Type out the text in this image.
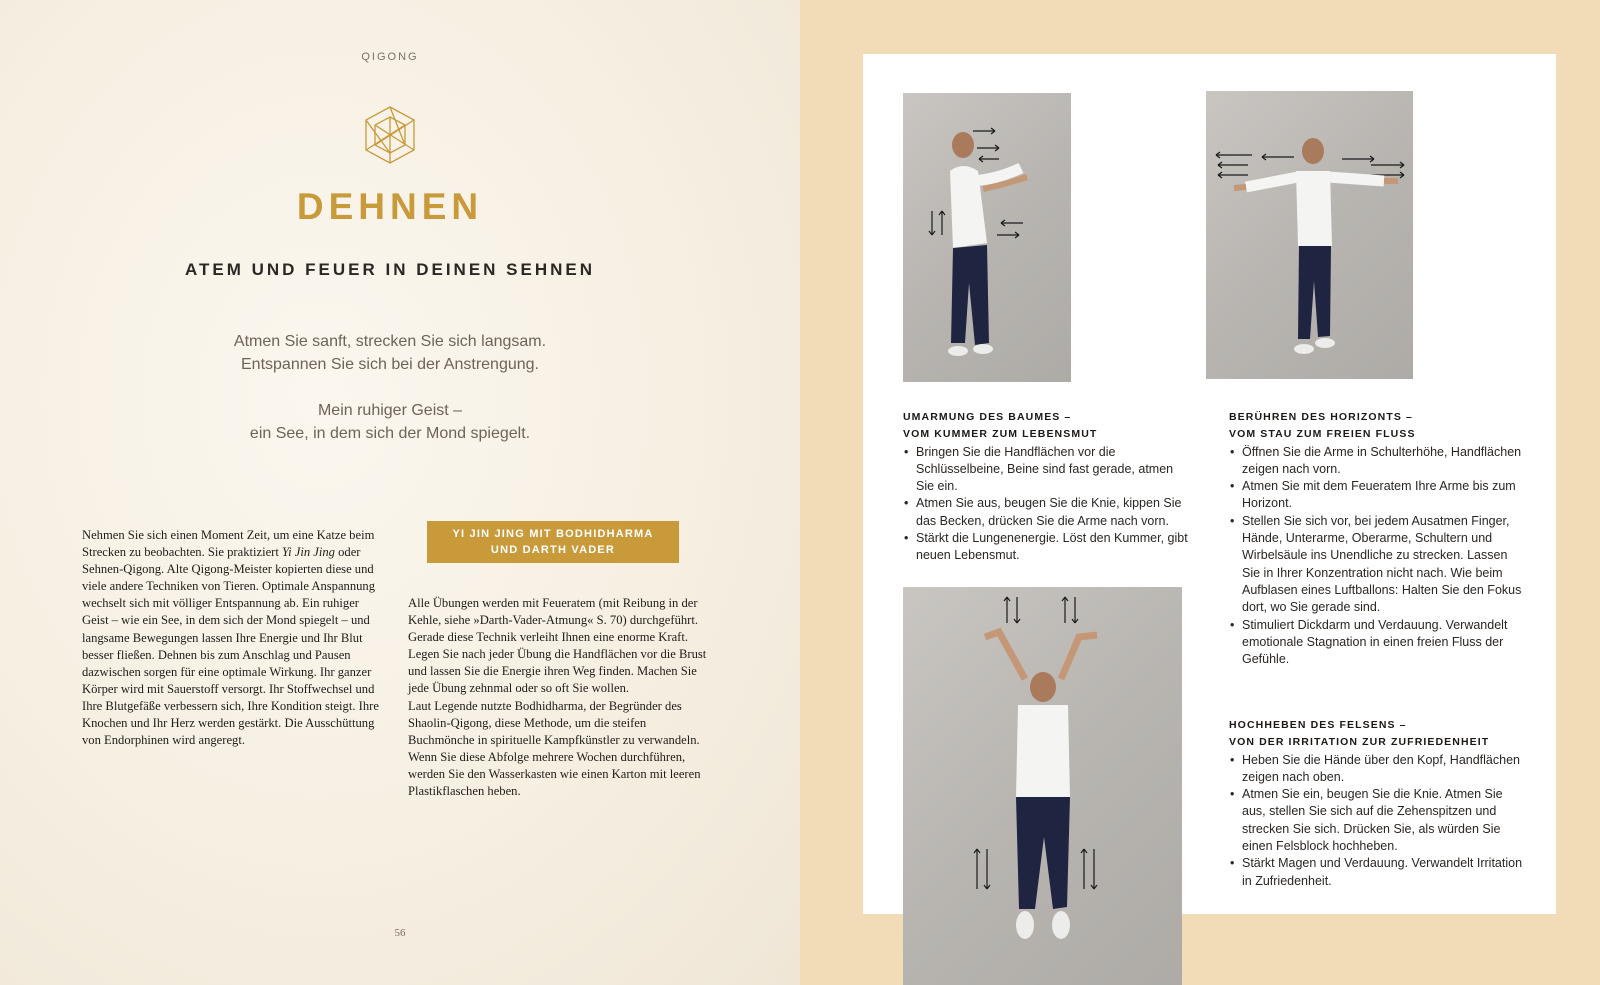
QIGONG
DEHNEN
ATEM UND FEUER IN DEINEN SEHNEN
Atmen Sie sanft, strecken Sie sich langsam.
Entspannen Sie sich bei der Anstrengung.
Mein ruhiger Geist –
ein See, in dem sich der Mond spiegelt.
Nehmen Sie sich einen Moment Zeit, um eine Katze beim Strecken zu beobachten. Sie praktiziert Yi Jin Jing oder Sehnen-Qigong. Alte Qigong-Meister kopierten diese und viele andere Techniken von Tieren. Optimale Anspannung wechselt sich mit völliger Entspannung ab. Ein ruhiger Geist – wie ein See, in dem sich der Mond spiegelt – und langsame Bewegungen lassen Ihre Energie und Ihr Blut besser fließen. Dehnen bis zum Anschlag und Pausen dazwischen sorgen für eine optimale Wirkung. Ihr ganzer Körper wird mit Sauerstoff versorgt. Ihr Stoffwechsel und Ihre Blutgefäße verbessern sich, Ihre Kondition steigt. Ihre Knochen und Ihr Herz werden gestärkt. Die Ausschüttung von Endorphinen wird angeregt.
YI JIN JING MIT BODHIDHARMA
UND DARTH VADER

Alle Übungen werden mit Feueratem (mit Reibung in der Kehle, siehe »Darth-Vader-Atmung« S. 70) durchgeführt. Gerade diese Technik verleiht Ihnen eine enorme Kraft. Legen Sie nach jeder Übung die Handflächen vor die Brust und lassen Sie die Energie ihren Weg finden. Machen Sie jede Übung zehnmal oder so oft Sie wollen.

Laut Legende nutzte Bodhidharma, der Begründer des Shaolin-Qigong, diese Methode, um die steifen Buchmönche in spirituelle Kampfkünstler zu verwandeln. Wenn Sie diese Abfolge mehrere Wochen durchführen, werden Sie den Wasserkasten wie einen Karton mit leeren Plastikflaschen heben.

56
UMARMUNG DES BAUMES –
VOM KUMMER ZUM LEBENSMUT
• Bringen Sie die Handflächen vor die Schlüsselbeine, Beine sind fast gerade, atmen Sie ein.
• Atmen Sie aus, beugen Sie die Knie, kippen Sie das Becken, drücken Sie die Arme nach vorn.
• Stärkt die Lungenenergie. Löst den Kummer, gibt neuen Lebensmut.
BERÜHREN DES HORIZONTS –
VOM STAU ZUM FREIEN FLUSS
• Öffnen Sie die Arme in Schulterhöhe, Handflächen zeigen nach vorn.
• Atmen Sie mit dem Feueratem Ihre Arme bis zum Horizont.
• Stellen Sie sich vor, bei jedem Ausatmen Finger, Hände, Unterarme, Oberarme, Schultern und Wirbelsäule ins Unendliche zu strecken. Lassen Sie in Ihrer Konzentration nicht nach. Wie beim Aufblasen eines Luftballons: Halten Sie den Fokus dort, wo Sie gerade sind.
• Stimuliert Dickdarm und Verdauung. Verwandelt emotionale Stagnation in einen freien Fluss der Gefühle.
HOCHHEBEN DES FELSENS –
VON DER IRRITATION ZUR ZUFRIEDENHEIT
• Heben Sie die Hände über den Kopf, Handflächen zeigen nach oben.
• Atmen Sie ein, beugen Sie die Knie. Atmen Sie aus, stellen Sie sich auf die Zehenspitzen und strecken Sie sich. Drücken Sie, als würden Sie einen Felsblock hochheben.
• Stärkt Magen und Verdauung. Verwandelt Irritation in Zufriedenheit.
